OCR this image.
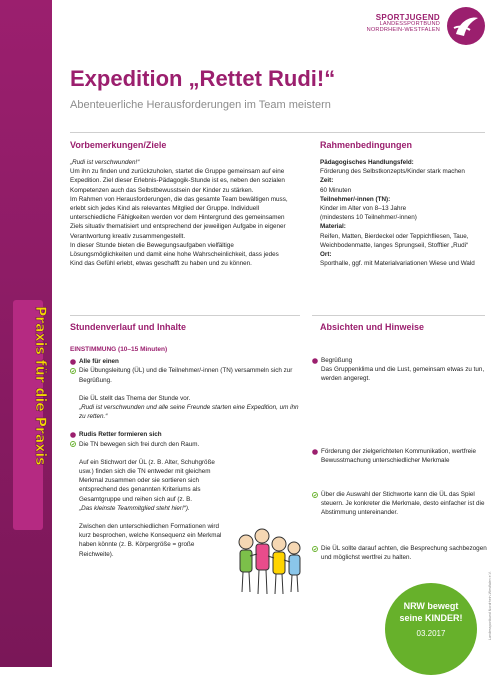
Praxis für die Praxis
SPORTJUGEND
LANDESSPORTBUND
NORDRHEIN-WESTFALEN
Expedition „Rettet Rudi!“
Abenteuerliche Herausforderungen im Team meistern
Vorbemerkungen/Ziele	Rahmenbedingungen

„Rudi ist verschwunden!“

Um ihn zu finden und zurückzuholen, startet die Gruppe gemeinsam auf eine Expedition. Ziel dieser Erlebnis-Pädagogik-Stunde ist es, neben den sozialen Kompetenzen auch das Selbstbewusstsein der Kinder zu stärken.

Im Rahmen von Herausforderungen, die das gesamte Team bewältigen muss, erlebt sich jedes Kind als relevantes Mitglied der Gruppe. Individuell unterschiedliche Fähigkeiten werden vor dem Hintergrund des gemeinsamen Ziels situativ thematisiert und entsprechend der jeweiligen Aufgabe in eigener Verantwortung kreativ zusammengestellt.

In dieser Stunde bieten die Bewegungsaufgaben vielfältige Lösungsmöglichkeiten und damit eine hohe Wahrscheinlichkeit, dass jedes Kind das Gefühl erlebt, etwas geschafft zu haben und zu können.

Pädagogisches Handlungsfeld:

Förderung des Selbstkonzepts/Kinder stark machen

Zeit:

60 Minuten

Teilnehmer/-innen (TN):

Kinder im Alter von 8–13 Jahre

(mindestens 10 Teilnehmer/-innen)

Material:

Reifen, Matten, Bierdeckel oder Teppichfliesen, Taue, Weichbodenmatte, langes Sprungseil, Stofftier „Rudi“

Ort:

Sporthalle, ggf. mit Materialvariationen Wiese und Wald

Stundenverlauf und Inhalte	Absichten und Hinweise
EINSTIMMUNG (10–15 Minuten)
Alle für einen
Die Übungsleitung (ÜL) und die Teilnehmer/-innen (TN) versammeln sich zur Begrüßung.

Die ÜL stellt das Thema der Stunde vor.

„Rudi ist verschwunden und alle seine Freunde starten eine Expedition, um ihn zu retten.“

Rudis Retter formieren sich
Die TN bewegen sich frei durch den Raum.

Auf ein Stichwort der ÜL (z. B. Alter, Schuhgröße usw.) finden sich die TN entweder mit gleichem Merkmal zusammen oder sie sortieren sich entsprechend des genannten Kriteriums als Gesamtgruppe und reihen sich auf (z. B.

„Das kleinste Teammitglied steht hier!“).

Zwischen den unterschiedlichen Formationen wird kurz besprochen, welche Konsequenz ein Merkmal haben könnte (z. B. Körpergröße = große Reichweite).

Begrüßung
Das Gruppenklima und die Lust, gemeinsam etwas zu tun, werden angeregt.
Förderung der zielgerichteten Kommunikation, wertfreie Bewusstmachung unterschiedlicher Merkmale
Über die Auswahl der Stichworte kann die ÜL das Spiel steuern. Je konkreter die Merkmale, desto einfacher ist die Abstimmung untereinander.
Die ÜL sollte darauf achten, die Besprechung sachbezogen und möglichst wertfrei zu halten.
NRW bewegt
seine KINDER!
03.2017	Landessportbund Nordrhein-Westfalen e.V.
